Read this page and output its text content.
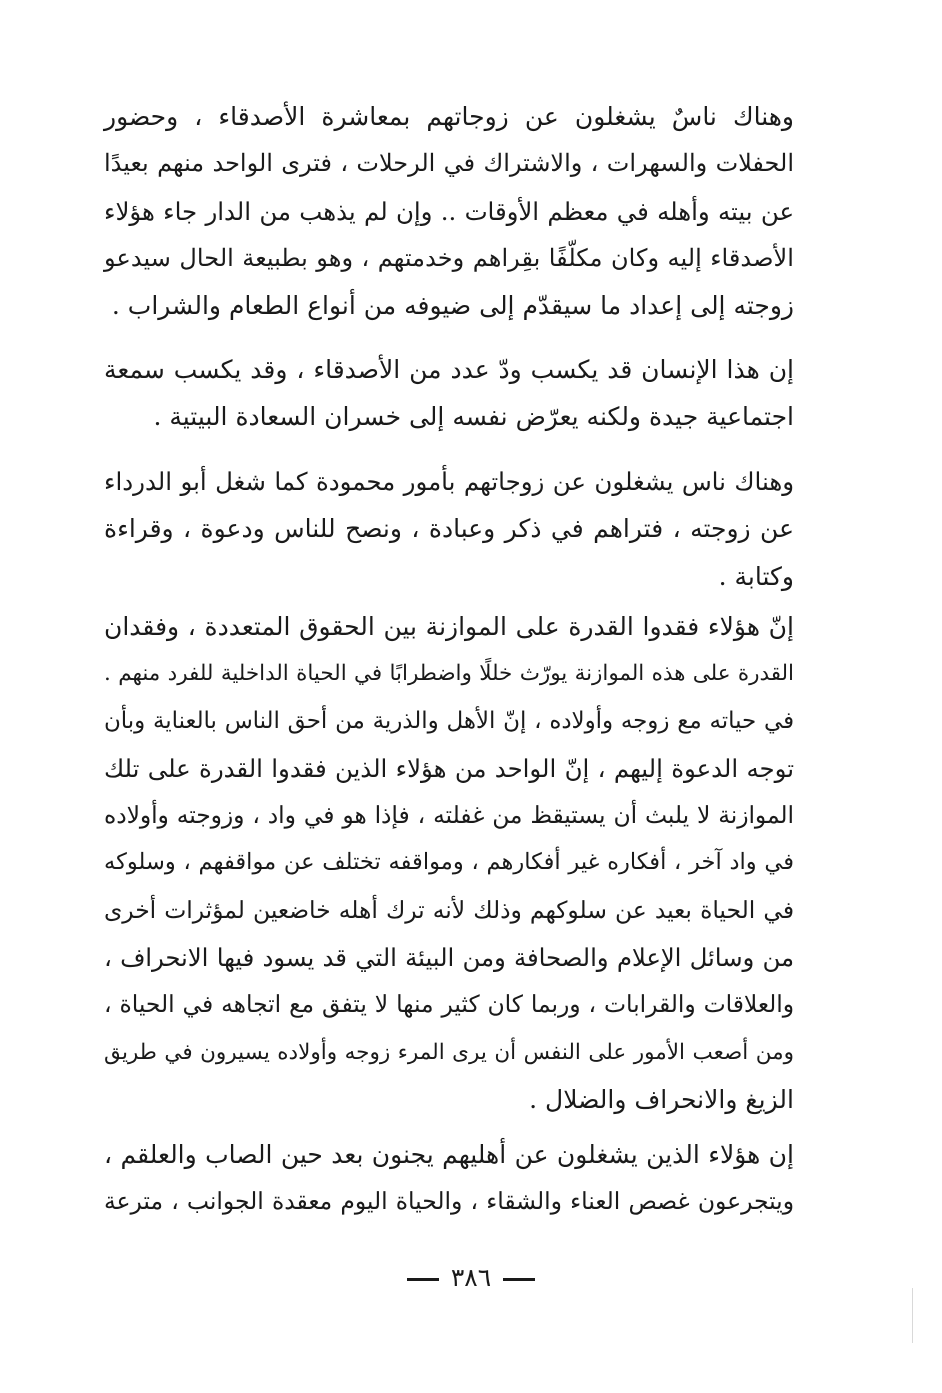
وهناك ناسٌ يشغلون عن زوجاتهم بمعاشرة الأصدقاء ، وحضور
الحفلات والسهرات ، والاشتراك في الرحلات ، فترى الواحد منهم بعيدًا
عن بيته وأهله في معظم الأوقات .. وإن لم يذهب من الدار جاء هؤلاء
الأصدقاء إليه وكان مكلّفًا بقِراهم وخدمتهم ، وهو بطبيعة الحال سيدعو
زوجته إلى إعداد ما سيقدّم إلى ضيوفه من أنواع الطعام والشراب .
إن هذا الإنسان قد يكسب ودّ عدد من الأصدقاء ، وقد يكسب سمعة
اجتماعية جيدة ولكنه يعرّض نفسه إلى خسران السعادة البيتية .
وهناك ناس يشغلون عن زوجاتهم بأمور محمودة كما شغل أبو الدرداء
عن زوجته ، فتراهم في ذكر وعبادة ، ونصح للناس ودعوة ، وقراءة
وكتابة .
إنّ هؤلاء فقدوا القدرة على الموازنة بين الحقوق المتعددة ، وفقدان
القدرة على هذه الموازنة يورّث خللًا واضطرابًا في الحياة الداخلية للفرد منهم .
في حياته مع زوجه وأولاده ، إنّ الأهل والذرية من أحق الناس بالعناية وبأن
توجه الدعوة إليهم ، إنّ الواحد من هؤلاء الذين فقدوا القدرة على تلك
الموازنة لا يلبث أن يستيقظ من غفلته ، فإذا هو في واد ، وزوجته وأولاده
في واد آخر ، أفكاره غير أفكارهم ، ومواقفه تختلف عن مواقفهم ، وسلوكه
في الحياة بعيد عن سلوكهم وذلك لأنه ترك أهله خاضعين لمؤثرات أخرى
من وسائل الإعلام والصحافة ومن البيئة التي قد يسود فيها الانحراف ،
والعلاقات والقرابات ، وربما كان كثير منها لا يتفق مع اتجاهه في الحياة ،
ومن أصعب الأمور على النفس أن يرى المرء زوجه وأولاده يسيرون في طريق
الزيغ والانحراف والضلال .
إن هؤلاء الذين يشغلون عن أهليهم يجنون بعد حين الصاب والعلقم ،
ويتجرعون غصص العناء والشقاء ، والحياة اليوم معقدة الجوانب ، مترعة
٣٨٦
